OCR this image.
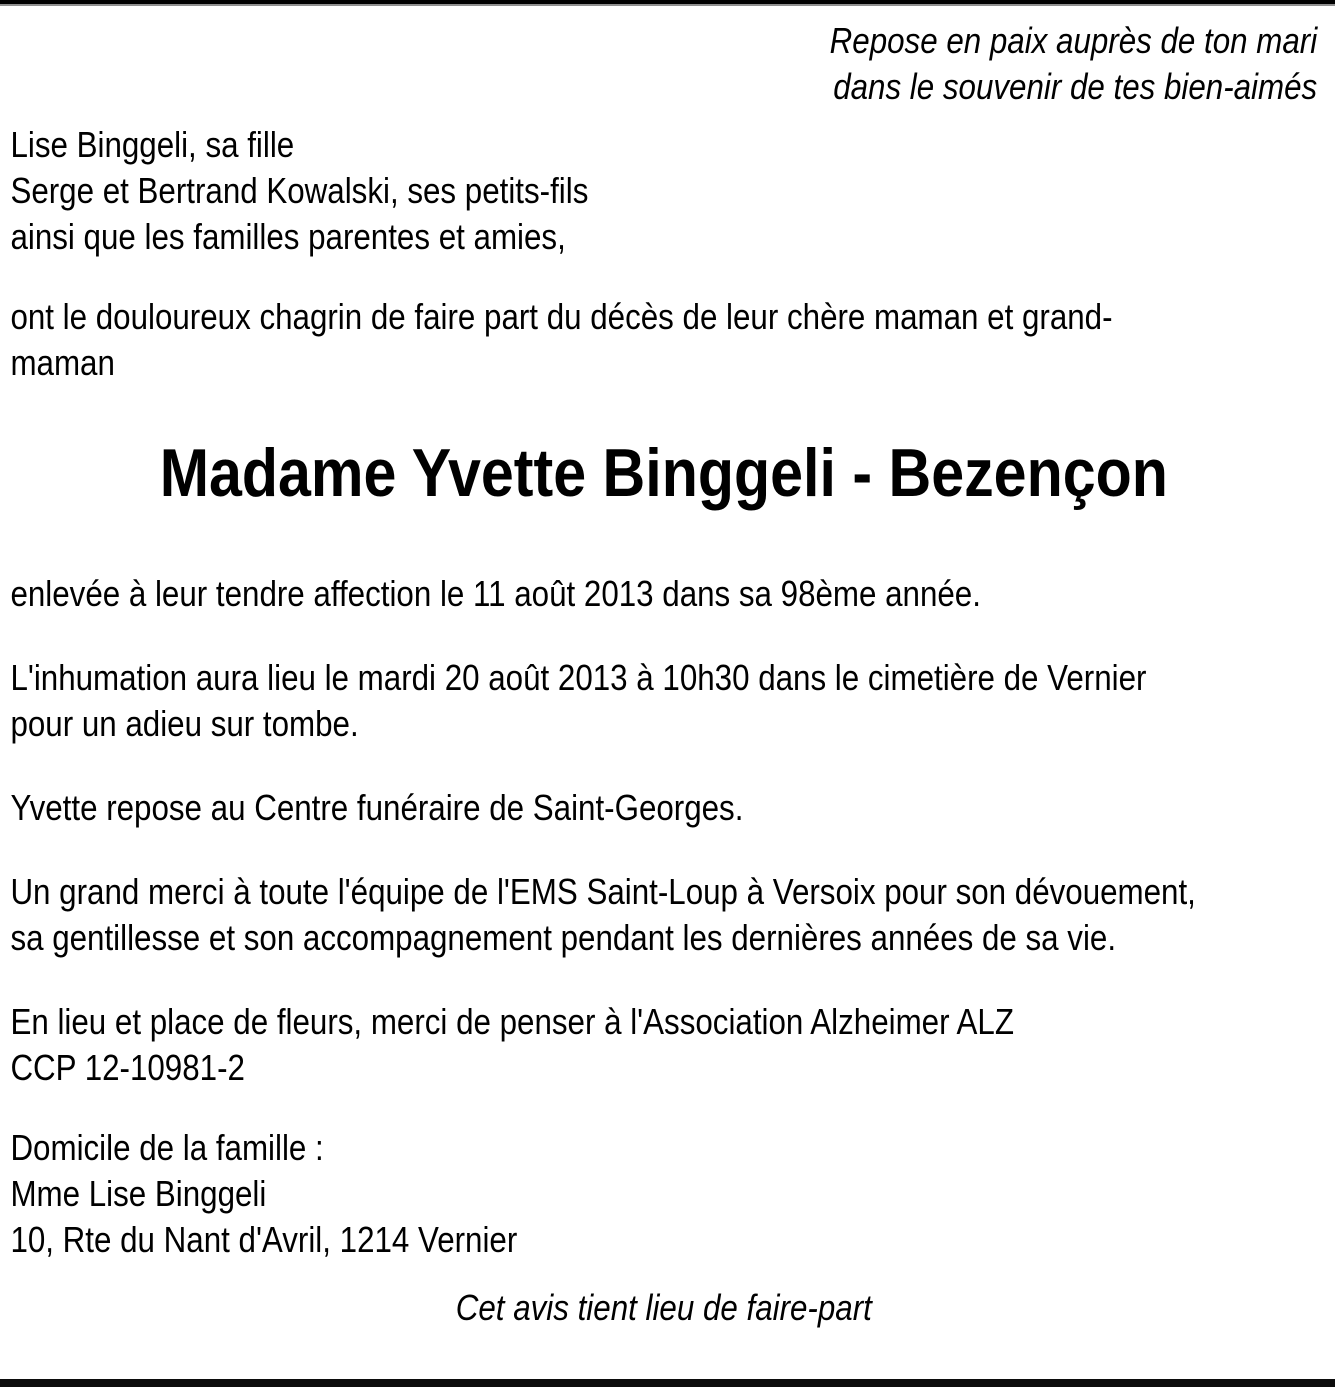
Repose en paix auprès de ton mari
dans le souvenir de tes bien-aimés
Lise Binggeli, sa fille
Serge et Bertrand Kowalski, ses petits-fils
ainsi que les familles parentes et amies,
ont le douloureux chagrin de faire part du décès de leur chère maman et grand-
maman
Madame Yvette Binggeli - Bezençon
enlevée à leur tendre affection le 11 août 2013 dans sa 98ème année.
L'inhumation aura lieu le mardi 20 août 2013 à 10h30 dans le cimetière de Vernier
pour un adieu sur tombe.
Yvette repose au Centre funéraire de Saint-Georges.
Un grand merci à toute l'équipe de l'EMS Saint-Loup à Versoix pour son dévouement,
sa gentillesse et son accompagnement pendant les dernières années de sa vie.
En lieu et place de fleurs, merci de penser à l'Association Alzheimer ALZ
CCP 12-10981-2
Domicile de la famille :
Mme Lise Binggeli
10, Rte du Nant d'Avril, 1214 Vernier
Cet avis tient lieu de faire-part
